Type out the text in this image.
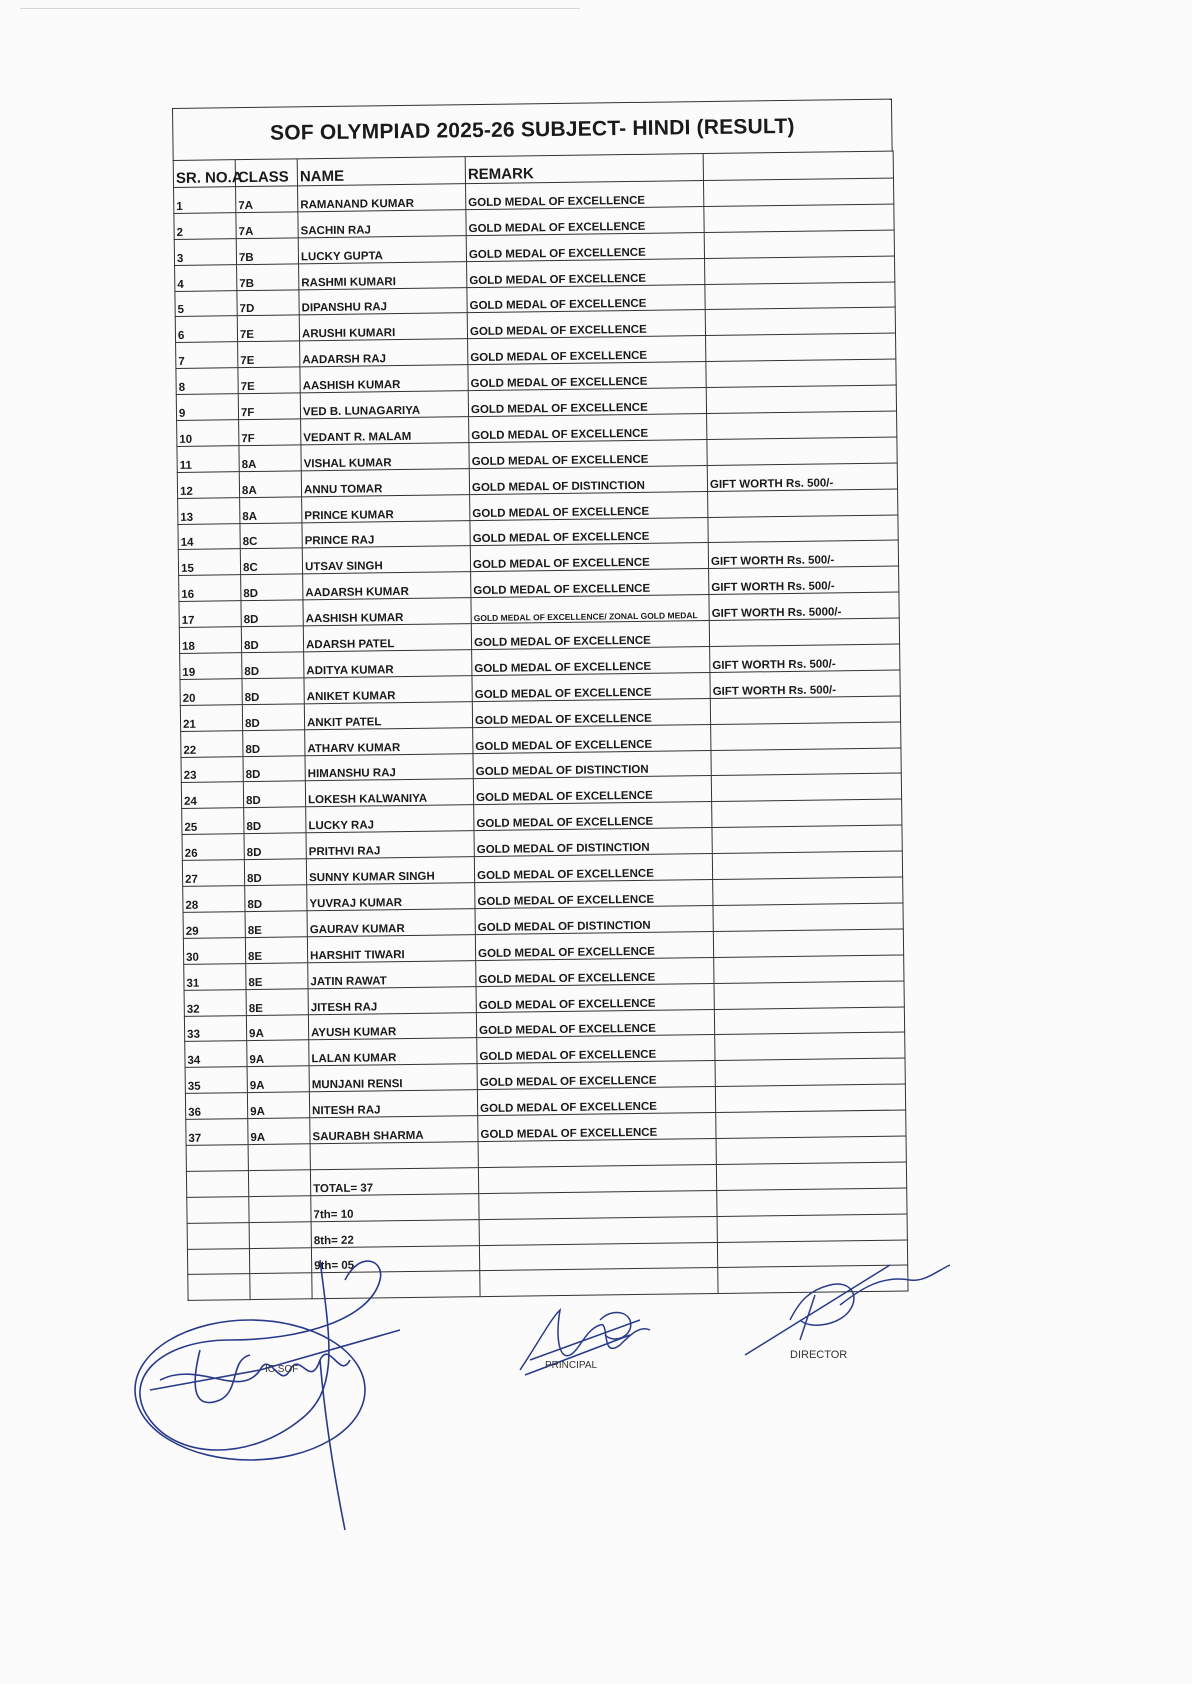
SOF OLYMPIAD 2025-26 SUBJECT- HINDI (RESULT)
SR. NO.A	CLASS	NAME	REMARK	
1	7A	RAMANAND KUMAR	GOLD MEDAL OF EXCELLENCE	
2	7A	SACHIN RAJ	GOLD MEDAL OF EXCELLENCE	
3	7B	LUCKY GUPTA	GOLD MEDAL OF EXCELLENCE	
4	7B	RASHMI KUMARI	GOLD MEDAL OF EXCELLENCE	
5	7D	DIPANSHU RAJ	GOLD MEDAL OF EXCELLENCE	
6	7E	ARUSHI KUMARI	GOLD MEDAL OF EXCELLENCE	
7	7E	AADARSH RAJ	GOLD MEDAL OF EXCELLENCE	
8	7E	AASHISH KUMAR	GOLD MEDAL OF EXCELLENCE	
9	7F	VED B. LUNAGARIYA	GOLD MEDAL OF EXCELLENCE	
10	7F	VEDANT R. MALAM	GOLD MEDAL OF EXCELLENCE	
11	8A	VISHAL KUMAR	GOLD MEDAL OF EXCELLENCE	
12	8A	ANNU TOMAR	GOLD MEDAL OF DISTINCTION	GIFT WORTH Rs. 500/-
13	8A	PRINCE KUMAR	GOLD MEDAL OF EXCELLENCE	
14	8C	PRINCE RAJ	GOLD MEDAL OF EXCELLENCE	
15	8C	UTSAV SINGH	GOLD MEDAL OF EXCELLENCE	GIFT WORTH Rs. 500/-
16	8D	AADARSH KUMAR	GOLD MEDAL OF EXCELLENCE	GIFT WORTH Rs. 500/-
17	8D	AASHISH KUMAR	GOLD MEDAL OF EXCELLENCE/ ZONAL GOLD MEDAL	GIFT WORTH Rs. 5000/-
18	8D	ADARSH PATEL	GOLD MEDAL OF EXCELLENCE	
19	8D	ADITYA KUMAR	GOLD MEDAL OF EXCELLENCE	GIFT WORTH Rs. 500/-
20	8D	ANIKET KUMAR	GOLD MEDAL OF EXCELLENCE	GIFT WORTH Rs. 500/-
21	8D	ANKIT PATEL	GOLD MEDAL OF EXCELLENCE	
22	8D	ATHARV KUMAR	GOLD MEDAL OF EXCELLENCE	
23	8D	HIMANSHU RAJ	GOLD MEDAL OF DISTINCTION	
24	8D	LOKESH KALWANIYA	GOLD MEDAL OF EXCELLENCE	
25	8D	LUCKY RAJ	GOLD MEDAL OF EXCELLENCE	
26	8D	PRITHVI RAJ	GOLD MEDAL OF DISTINCTION	
27	8D	SUNNY KUMAR SINGH	GOLD MEDAL OF EXCELLENCE	
28	8D	YUVRAJ KUMAR	GOLD MEDAL OF EXCELLENCE	
29	8E	GAURAV KUMAR	GOLD MEDAL OF DISTINCTION	
30	8E	HARSHIT TIWARI	GOLD MEDAL OF EXCELLENCE	
31	8E	JATIN RAWAT	GOLD MEDAL OF EXCELLENCE	
32	8E	JITESH RAJ	GOLD MEDAL OF EXCELLENCE	
33	9A	AYUSH KUMAR	GOLD MEDAL OF EXCELLENCE	
34	9A	LALAN KUMAR	GOLD MEDAL OF EXCELLENCE	
35	9A	MUNJANI RENSI	GOLD MEDAL OF EXCELLENCE	
36	9A	NITESH RAJ	GOLD MEDAL OF EXCELLENCE	
37	9A	SAURABH SHARMA	GOLD MEDAL OF EXCELLENCE	

		TOTAL= 37		
		7th= 10		
		8th= 22		
		9th= 05		

IC SOF	PRINCIPAL
DIRECTOR
